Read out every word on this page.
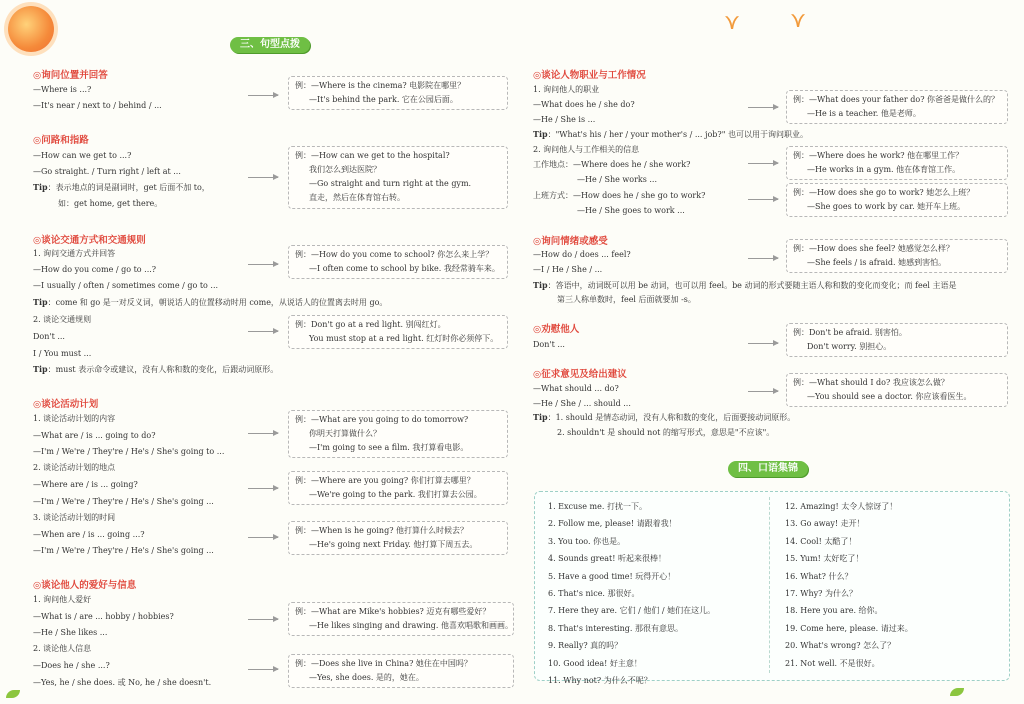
⋎ ⋎
三、句型点拨
四、口语集锦
◎询问位置并回答
—Where is ...?
—It's near / next to / behind / ...
例：—Where is the cinema? 电影院在哪里？
—It's behind the park. 它在公园后面。
◎问路和指路
—How can we get to ...?
—Go straight. / Turn right / left at ...
Tip：表示地点的词是副词时，get 后面不加 to，
如：get home, get there。
例：—How can we get to the hospital?
我们怎么到达医院？
—Go straight and turn right at the gym.
直走，然后在体育馆右转。
◎谈论交通方式和交通规则
1. 询问交通方式并回答
—How do you come / go to ...?
—I usually / often / sometimes come / go to ...
Tip：come 和 go 是一对反义词，朝说话人的位置移动时用 come，从说话人的位置离去时用 go。
2. 谈论交通规则
Don't ...
I / You must ...
Tip：must 表示命令或建议，没有人称和数的变化，后跟动词原形。
例：—How do you come to school? 你怎么来上学？
—I often come to school by bike. 我经常骑车来。
例：Don't go at a red light. 别闯红灯。
You must stop at a red light. 红灯时你必须停下。
◎谈论活动计划
1. 谈论活动计划的内容
—What are / is ... going to do?
—I'm / We're / They're / He's / She's going to ...
2. 谈论活动计划的地点
—Where are / is ... going?
—I'm / We're / They're / He's / She's going ...
3. 谈论活动计划的时间
—When are / is ... going ...?
—I'm / We're / They're / He's / She's going ...
例：—What are you going to do tomorrow?
你明天打算做什么？
—I'm going to see a film. 我打算看电影。
例：—Where are you going? 你们打算去哪里？
—We're going to the park. 我们打算去公园。
例：—When is he going? 他打算什么时候去？
—He's going next Friday. 他打算下周五去。
◎谈论他人的爱好与信息
1. 询问他人爱好
—What is / are ... hobby / hobbies?
—He / She likes ...
2. 谈论他人信息
—Does he / she ...?
—Yes, he / she does. 或 No, he / she doesn't.
例：—What are Mike's hobbies? 迈克有哪些爱好？
—He likes singing and drawing. 他喜欢唱歌和画画。
例：—Does she live in China? 她住在中国吗？
—Yes, she does. 是的，她在。
◎谈论人物职业与工作情况
1. 询问他人的职业
—What does he / she do?
—He / She is ...
Tip："What's his / her / your mother's / ... job?" 也可以用于询问职业。
2. 询问他人与工作相关的信息
工作地点：—Where does he / she work?
—He / She works ...
上班方式：—How does he / she go to work?
—He / She goes to work ...
例：—What does your father do? 你爸爸是做什么的？
—He is a teacher. 他是老师。
例：—Where does he work? 他在哪里工作？
—He works in a gym. 他在体育馆工作。
例：—How does she go to work? 她怎么上班？
—She goes to work by car. 她开车上班。
◎询问情绪或感受
—How do / does ... feel?
—I / He / She / ...
Tip：答语中，动词既可以用 be 动词，也可以用 feel。be 动词的形式要随主语人称和数的变化而变化；而 feel 主语是
第三人称单数时，feel 后面就要加 -s。
例：—How does she feel? 她感觉怎么样？
—She feels / is afraid. 她感到害怕。
◎劝慰他人
Don't ...
例：Don't be afraid. 别害怕。
Don't worry. 别担心。
◎征求意见及给出建议
—What should ... do?
—He / She / ... should ...
Tip：1. should 是情态动词，没有人称和数的变化，后面要接动词原形。
2. shouldn't 是 should not 的缩写形式，意思是"不应该"。
例：—What should I do? 我应该怎么做？
—You should see a doctor. 你应该看医生。
1. Excuse me. 打扰一下。
2. Follow me, please! 请跟着我！
3. You too. 你也是。
4. Sounds great! 听起来很棒！
5. Have a good time! 玩得开心！
6. That's nice. 那很好。
7. Here they are. 它们 / 他们 / 她们在这儿。
8. That's interesting. 那很有意思。
9. Really? 真的吗？
10. Good idea! 好主意！
11. Why not? 为什么不呢？
12. Amazing! 太令人惊讶了！
13. Go away! 走开！
14. Cool! 太酷了！
15. Yum! 太好吃了！
16. What? 什么？
17. Why? 为什么？
18. Here you are. 给你。
19. Come here, please. 请过来。
20. What's wrong? 怎么了？
21. Not well. 不是很好。
